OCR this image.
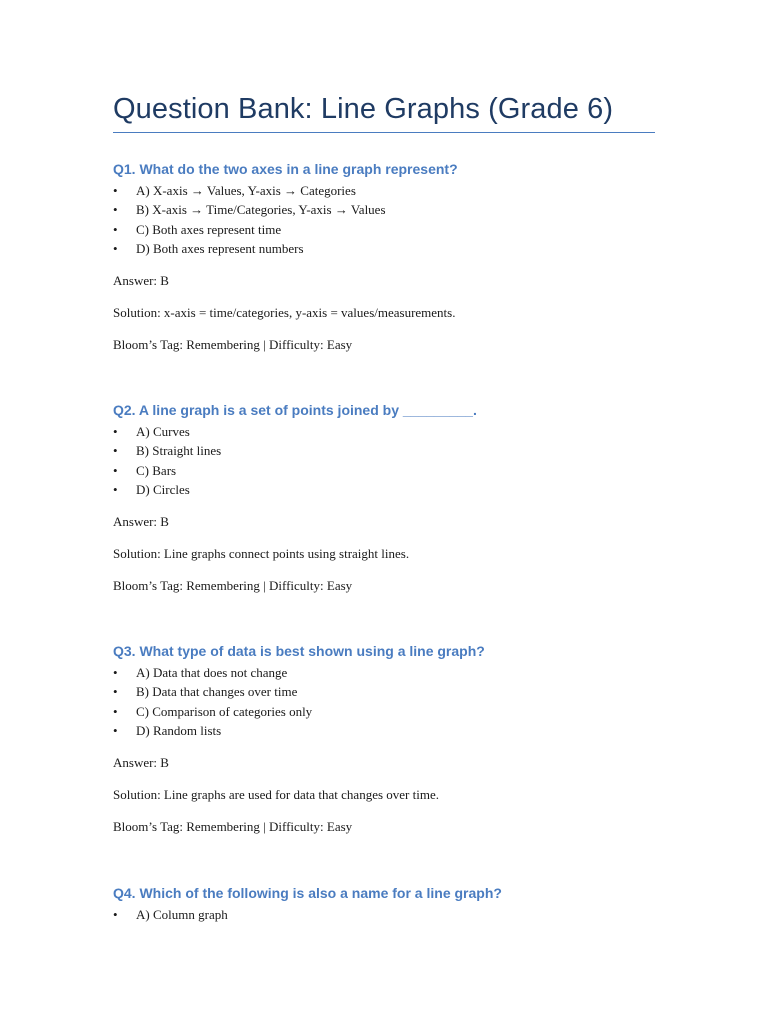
Question Bank: Line Graphs (Grade 6)
Q1. What do the two axes in a line graph represent?
• A) X-axis → Values, Y-axis → Categories
• B) X-axis → Time/Categories, Y-axis → Values
• C) Both axes represent time
• D) Both axes represent numbers

Answer: B

Solution: x-axis = time/categories, y-axis = values/measurements.

Bloom’s Tag: Remembering | Difficulty: Easy

Q2. A line graph is a set of points joined by _________.
• A) Curves
• B) Straight lines
• C) Bars
• D) Circles

Answer: B

Solution: Line graphs connect points using straight lines.

Bloom’s Tag: Remembering | Difficulty: Easy

Q3. What type of data is best shown using a line graph?
• A) Data that does not change
• B) Data that changes over time
• C) Comparison of categories only
• D) Random lists

Answer: B

Solution: Line graphs are used for data that changes over time.

Bloom’s Tag: Remembering | Difficulty: Easy

Q4. Which of the following is also a name for a line graph?
• A) Column graph
